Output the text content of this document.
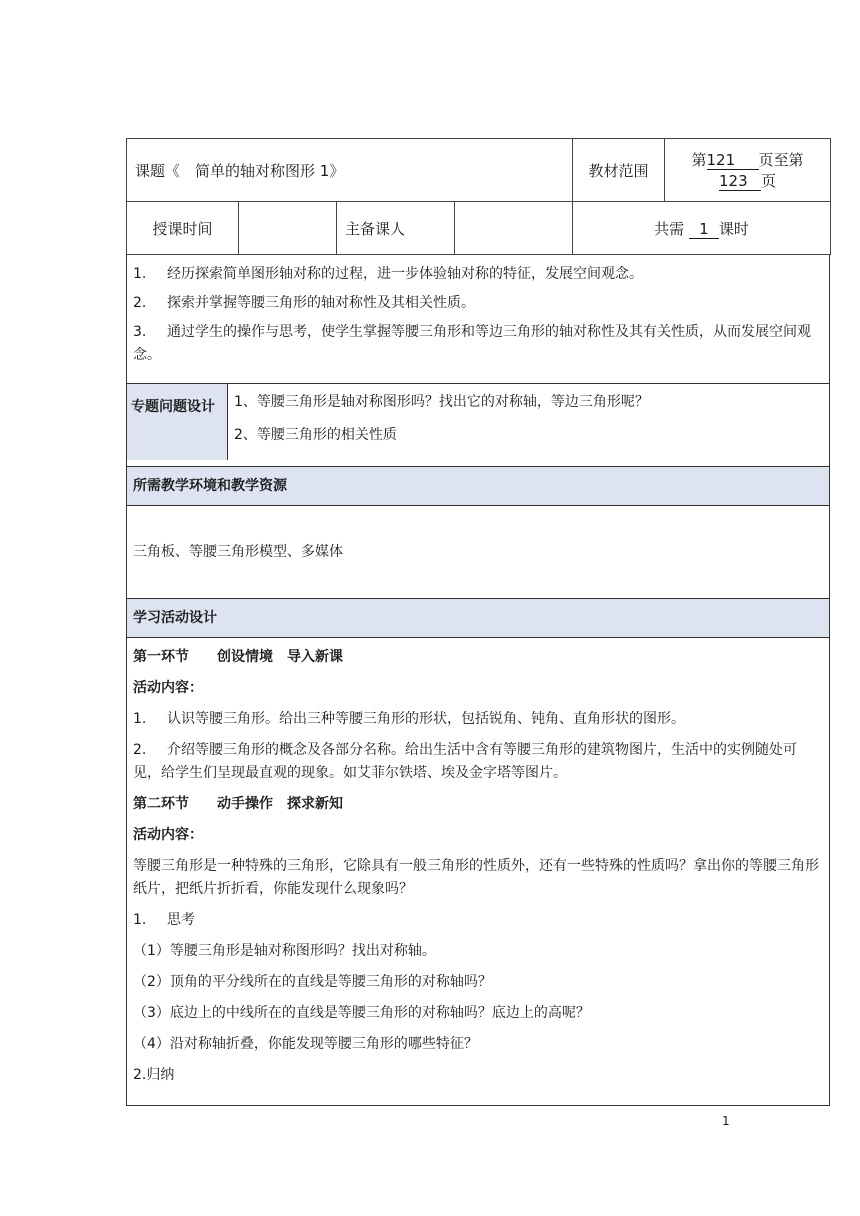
课题《　简单的轴对称图形 1》				教材范围	第121 页至第123 页
授课时间		主备课人		共需 1 课时	

1. 经历探索简单图形轴对称的过程，进一步体验轴对称的特征，发展空间观念。

2. 探索并掌握等腰三角形的轴对称性及其相关性质。

3. 通过学生的操作与思考，使学生掌握等腰三角形和等边三角形的轴对称性及其有关性质，从而发展空间观念。

专题问题设计	1、等腰三角形是轴对称图形吗？找出它的对称轴，等边三角形呢？

2、等腰三角形的相关性质

所需教学环境和教学资源
三角板、等腰三角形模型、多媒体
学习活动设计

第一环节　　创设情境　导入新课

活动内容：

1. 认识等腰三角形。给出三种等腰三角形的形状，包括锐角、钝角、直角形状的图形。

2. 介绍等腰三角形的概念及各部分名称。给出生活中含有等腰三角形的建筑物图片，生活中的实例随处可见，给学生们呈现最直观的现象。如艾菲尔铁塔、埃及金字塔等图片。

第二环节　　动手操作　探求新知

活动内容：

等腰三角形是一种特殊的三角形，它除具有一般三角形的性质外，还有一些特殊的性质吗？拿出你的等腰三角形纸片，把纸片折折看，你能发现什么现象吗？

1. 思考

（1）等腰三角形是轴对称图形吗？找出对称轴。

（2）顶角的平分线所在的直线是等腰三角形的对称轴吗？

（3）底边上的中线所在的直线是等腰三角形的对称轴吗？底边上的高呢？

（4）沿对称轴折叠，你能发现等腰三角形的哪些特征？

2.归纳

1
